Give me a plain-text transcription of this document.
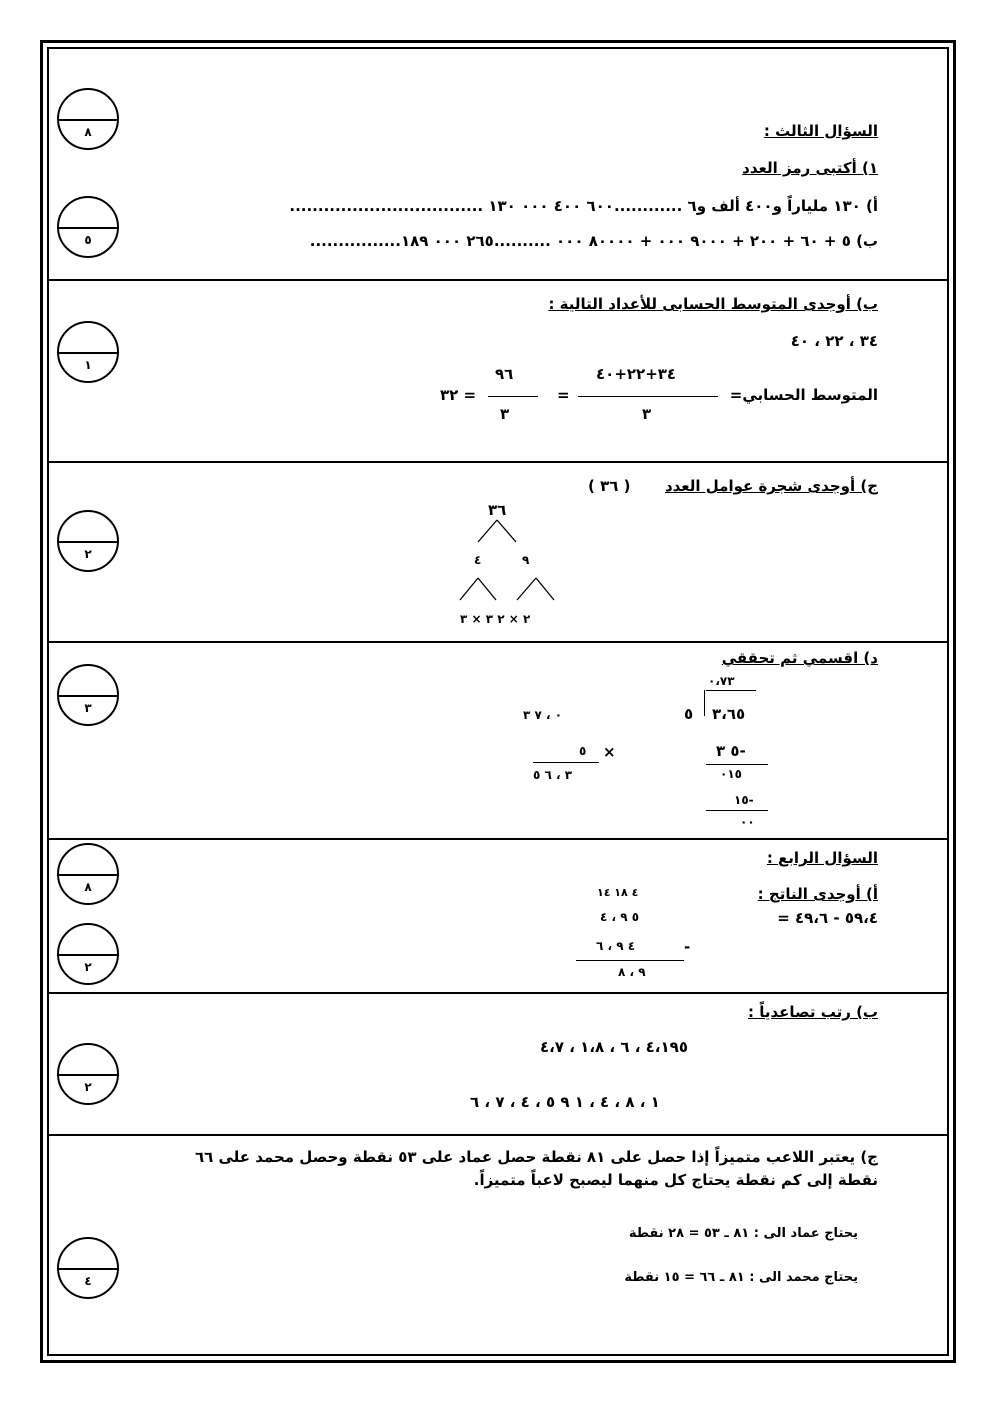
٨
٥
١
٢
٣
٨
٢
٢
٤
السؤال الثالث :
١) أكتبى رمز العدد
أ) ١٣٠ ملياراً و٤٠٠ ألف و٦ ............٦٠٠ ٤٠٠ ٠٠٠ ١٣٠ ..................................
ب) ٥ + ٦٠ + ٢٠٠ + ٩٠٠٠ ٠٠٠ + ٨٠٠٠٠ ٠٠٠ ..........٢٦٥ ٠٠٠ ١٨٩................
ب) أوجدى المتوسط الحسابى للأعداد التالية :
٣٤ ، ٢٢ ، ٤٠
المتوسط الحسابي=
٣٤+٢٢+٤٠
٣
=
٩٦
٣
= ٣٢
ج) أوجدى شجرة عوامل العدد
( ٣٦ )
٣٦
٤	٩
٢ × ٢ ٣ × ٣
د) اقسمي ثم تحققي
٠،٧٣
٣،٦٥
٥
-٥ ٣
٠١٥
-١٥
٠٠
٠ ، ٧ ٣
×
٥
٣ ، ٦ ٥
السؤال الرابع :
أ) أوجدى الناتج :
٥٩،٤ - ٤٩،٦ =
٤ ١٨ ١٤
٥ ٩ ، ٤
٤ ٩ ، ٦	-
٩ ، ٨
ب) رتب تصاعدياً :
٤،١٩٥ ، ٦ ، ١،٨ ، ٤،٧
١ ، ٨ ، ٤ ، ١ ٩ ٥ ، ٤ ، ٧ ، ٦
ج) يعتبر اللاعب متميزاً إذا حصل على ٨١ نقطة حصل عماد على ٥٣ نقطة وحصل محمد على ٦٦
نقطة إلى كم نقطة يحتاج كل منهما ليصبح لاعباً متميزاً.
يحتاج عماد الى : ٨١ ـ ٥٣ = ٢٨ نقطة
يحتاج محمد الى : ٨١ ـ ٦٦ = ١٥ نقطة
